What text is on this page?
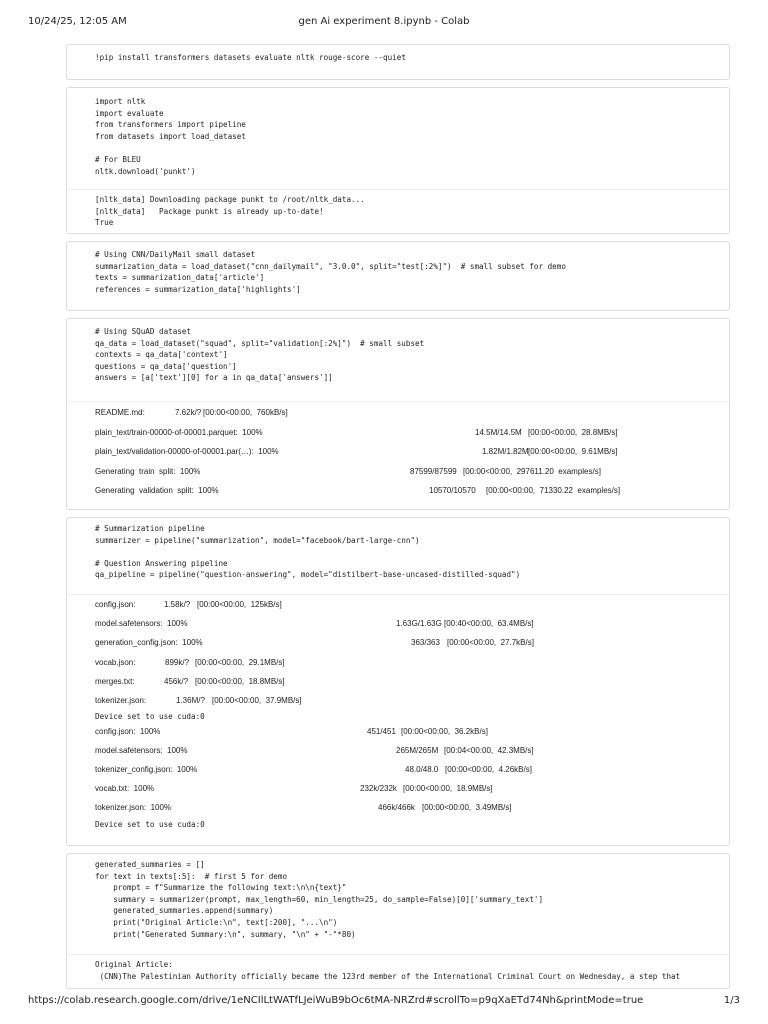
10/24/25, 12:05 AM	gen Ai experiment 8.ipynb - Colab
!pip install transformers datasets evaluate nltk rouge-score --quiet
import nltk
import evaluate
from transformers import pipeline
from datasets import load_dataset

# For BLEU
nltk.download('punkt')
[nltk_data] Downloading package punkt to /root/nltk_data...
[nltk_data]   Package punkt is already up-to-date!
True
# Using CNN/DailyMail small dataset
summarization_data = load_dataset("cnn_dailymail", "3.0.0", split="test[:2%]")  # small subset for demo
texts = summarization_data['article']
references = summarization_data['highlights']
# Using SQuAD dataset
qa_data = load_dataset("squad", split="validation[:2%]")  # small subset
contexts = qa_data['context']
questions = qa_data['question']
answers = [a['text'][0] for a in qa_data['answers']]
README.md:	7.62k/? [00:00<00:00,  760kB/s]
plain_text/train-00000-of-00001.parquet:  100%	14.5M/14.5M [00:00<00:00,  28.8MB/s]
plain_text/validation-00000-of-00001.par(…):  100%	1.82M/1.82M [00:00<00:00,  9.61MB/s]
Generating  train  split:  100%	87599/87599 [00:00<00:00,  297611.20  examples/s]
Generating  validation  split:  100%	10570/10570 [00:00<00:00,  71330.22  examples/s]
# Summarization pipeline
summarizer = pipeline("summarization", model="facebook/bart-large-cnn")

# Question Answering pipeline
qa_pipeline = pipeline("question-answering", model="distilbert-base-uncased-distilled-squad")
config.json:	1.58k/? [00:00<00:00,  125kB/s]
model.safetensors:  100%	1.63G/1.63G [00:40<00:00,  63.4MB/s]
generation_config.json:  100%	363/363 [00:00<00:00,  27.7kB/s]
vocab.json:	899k/? [00:00<00:00,  29.1MB/s]
merges.txt:	456k/? [00:00<00:00,  18.8MB/s]
tokenizer.json:	1.36M/? [00:00<00:00,  37.9MB/s]
Device set to use cuda:0
config.json:  100%	451/451 [00:00<00:00,  36.2kB/s]
model.safetensors:  100%	265M/265M [00:04<00:00,  42.3MB/s]
tokenizer_config.json:  100%	48.0/48.0 [00:00<00:00,  4.26kB/s]
vocab.txt:  100%	232k/232k [00:00<00:00,  18.9MB/s]
tokenizer.json:  100%	466k/466k [00:00<00:00,  3.49MB/s]
Device set to use cuda:0
generated_summaries = []
for text in texts[:5]:  # first 5 for demo
prompt = f"Summarize the following text:\n\n{text}"
summary = summarizer(prompt, max_length=60, min_length=25, do_sample=False)[0]['summary_text']
generated_summaries.append(summary)
print("Original Article:\n", text[:200], "...\n")
print("Generated Summary:\n", summary, "\n" + "-"*80)
Original Article:
(CNN)The Palestinian Authority officially became the 123rd member of the International Criminal Court on Wednesday, a step that
https://colab.research.google.com/drive/1eNCIlLtWATfLJeiWuB9bOc6tMA-NRZrd#scrollTo=p9qXaETd74Nh&printMode=true	1/3
